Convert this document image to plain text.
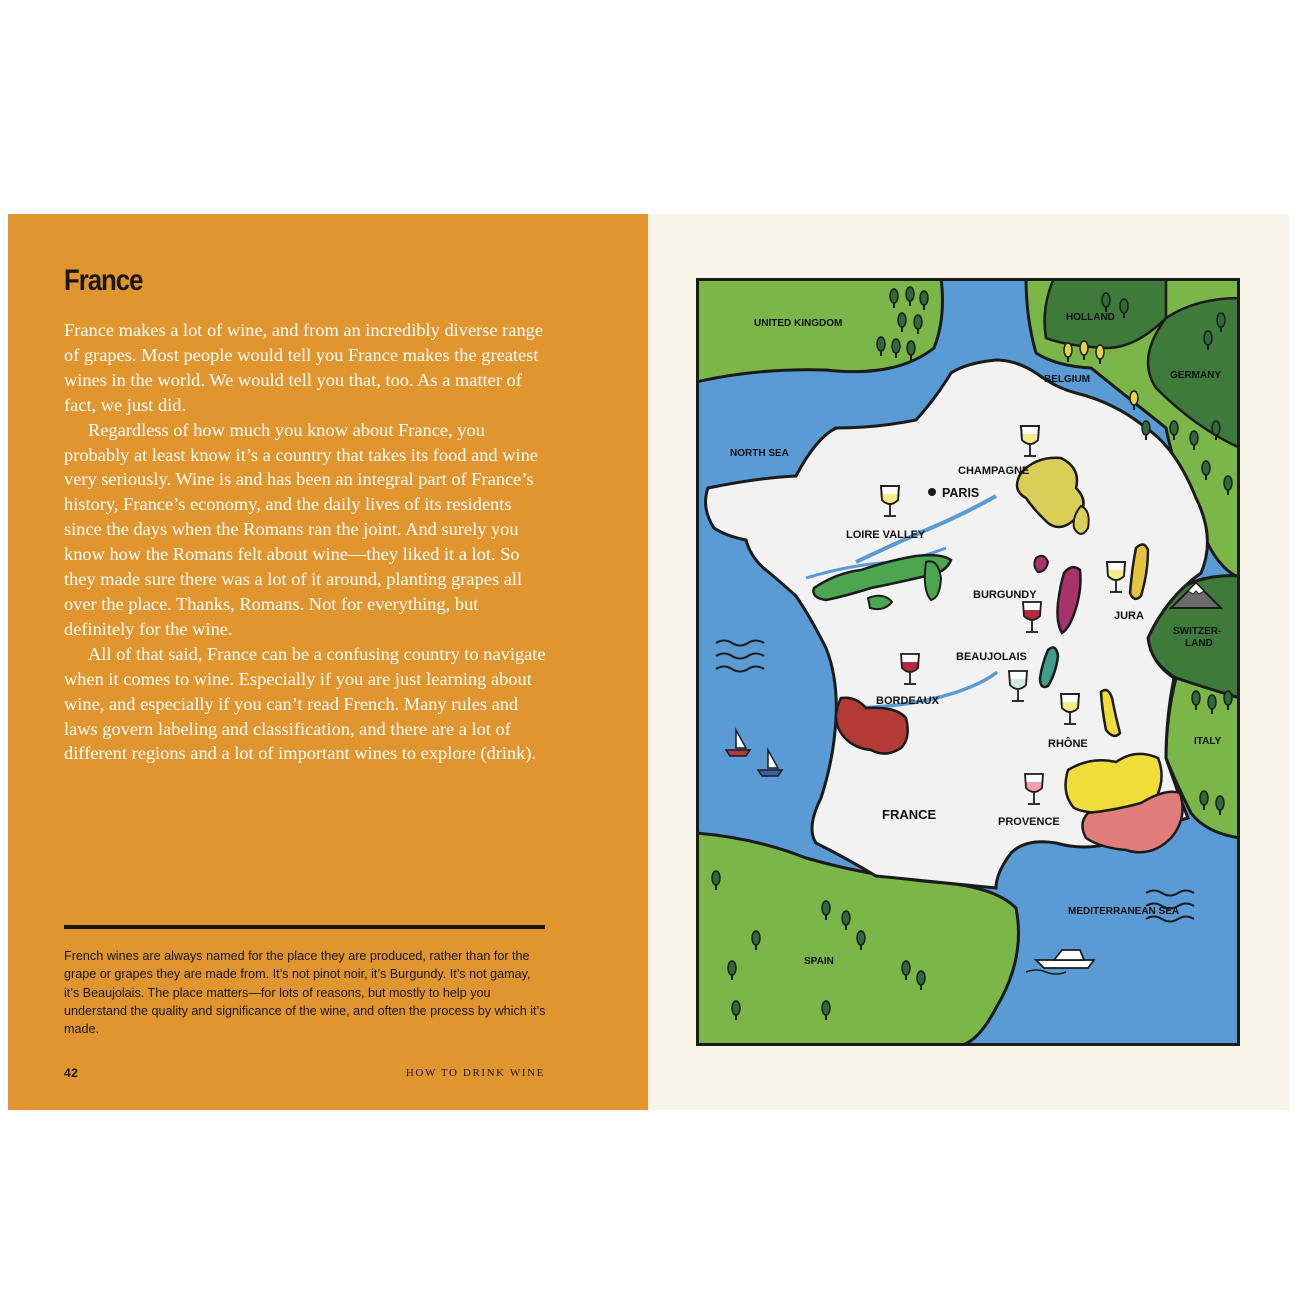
France

France makes a lot of wine, and from an incredibly diverse range of grapes. Most people would tell you France makes the greatest wines in the world. We would tell you that, too. As a matter of fact, we just did.

Regardless of how much you know about France, you probably at least know it’s a country that takes its food and wine very seriously. Wine is and has been an integral part of France’s history, France’s economy, and the daily lives of its residents since the days when the Romans ran the joint. And surely you know how the Romans felt about wine—they liked it a lot. So they made sure there was a lot of it around, planting grapes all over the place. Thanks, Romans. Not for everything, but definitely for the wine.

All of that said, France can be a confusing country to navigate when it comes to wine. Especially if you are just learning about wine, and especially if you can’t read French. Many rules and laws govern labeling and classification, and there are a lot of different regions and a lot of important wines to explore (drink).

French wines are always named for the place they are produced, rather than for the grape or grapes they are made from. It’s not pinot noir, it’s Burgundy. It’s not gamay, it’s Beaujolais. The place matters—for lots of reasons, but mostly to help you understand the quality and significance of the wine, and often the process by which it’s made.
42	HOW TO DRINK WINE
UNITED KINGDOM
HOLLAND
BELGIUM	GERMANY
NORTH SEA
CHAMPAGNE
PARIS
LOIRE VALLEY
BURGUNDY
JURA
SWITZER-
LAND
BEAUJOLAIS
BORDEAUX
RHÔNE	ITALY
FRANCE	PROVENCE
MEDITERRANEAN SEA
SPAIN
